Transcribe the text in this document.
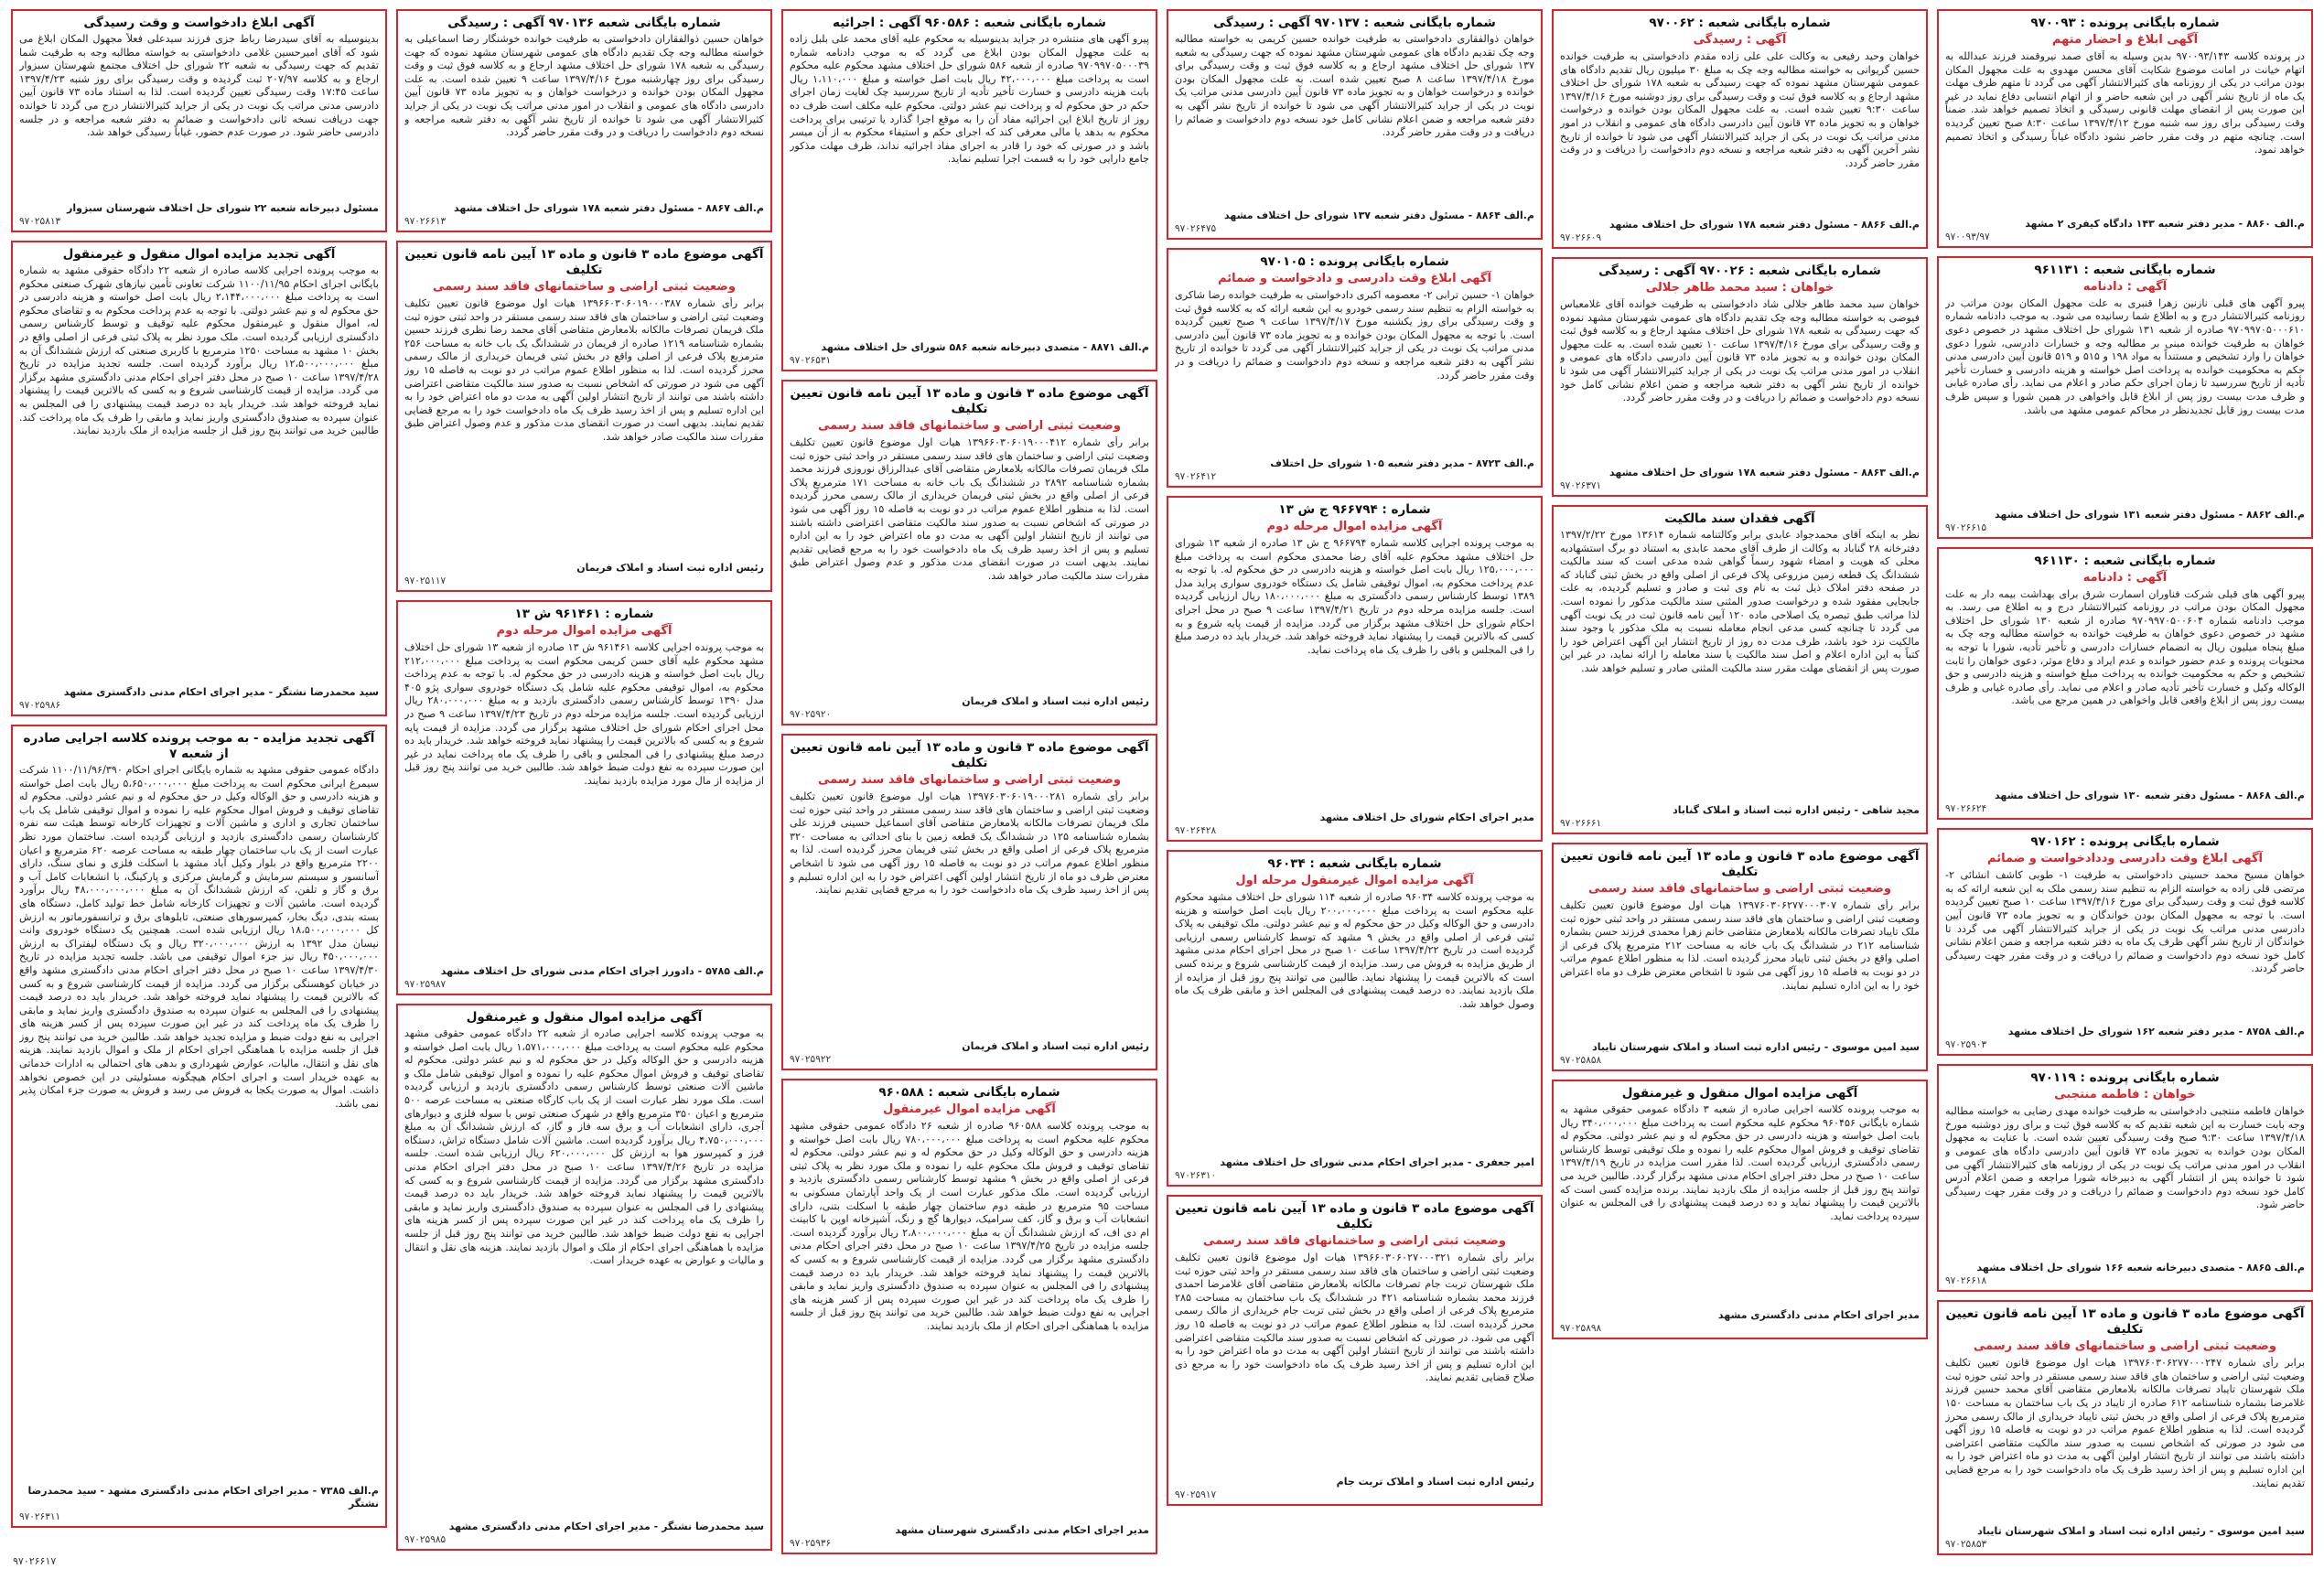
شماره بایگانی پرونده : ۹۷۰۰۹۳
آگهی ابلاغ و احضار متهم
در پرونده کلاسه ۹۷۰۰۹۳/۱۴۳ بدین وسیله به آقای صمد نیروقمند فرزند عبدالله به اتهام خیانت در امانت موضوع شکایت آقای محسن مهدوی به علت مجهول المکان بودن مراتب در یکی از روزنامه های کثیرالانتشار آگهی می گردد تا متهم ظرف مهلت یک ماه از تاریخ نشر آگهی در این شعبه حاضر و از اتهام انتسابی دفاع نماید در غیر این صورت پس از انقضای مهلت قانونی رسیدگی و اتخاذ تصمیم خواهد شد. ضمناً وقت رسیدگی برای روز سه شنبه مورخ ۱۳۹۷/۴/۱۲ ساعت ۸:۳۰ صبح تعیین گردیده است. چنانچه متهم در وقت مقرر حاضر نشود دادگاه غیاباً رسیدگی و اتخاذ تصمیم خواهد نمود.
م.الف ۸۸۶۰ - مدیر دفتر شعبه ۱۴۳ دادگاه کیفری ۲ مشهد
۹۷۰۰۹۳/۹۷
شماره بایگانی شعبه : ۹۶۱۱۳۱
آگهی : دادنامه
پیرو آگهی های قبلی نازنین زهرا قنبری به علت مجهول المکان بودن مراتب در روزنامه کثیرالانتشار درج و به اطلاع شما رسانیده می شود. به موجب دادنامه شماره ۹۷۰۹۹۷۰۵۰۰۰۶۱۰ صادره از شعبه ۱۳۱ شورای حل اختلاف مشهد در خصوص دعوی خواهان به طرفیت خوانده مبنی بر مطالبه وجه و خسارات دادرسی، شورا دعوی خواهان را وارد تشخیص و مستنداً به مواد ۱۹۸ و ۵۱۵ و ۵۱۹ قانون آیین دادرسی مدنی حکم به محکومیت خوانده به پرداخت اصل خواسته و هزینه دادرسی و خسارت تأخیر تأدیه از تاریخ سررسید تا زمان اجرای حکم صادر و اعلام می نماید. رأی صادره غیابی و ظرف مدت بیست روز پس از ابلاغ قابل واخواهی در همین شورا و سپس ظرف مدت بیست روز قابل تجدیدنظر در محاکم عمومی مشهد می باشد.
م.الف ۸۸۶۲ - مسئول دفتر شعبه ۱۳۱ شورای حل اختلاف مشهد
۹۷۰۲۶۶۱۵
شماره بایگانی شعبه : ۹۶۱۱۳۰
آگهی : دادنامه
پیرو آگهی های قبلی شرکت فناوران اسمارت شرق برای بهداشت بیمه دار به علت مجهول المکان بودن مراتب در روزنامه کثیرالانتشار درج و به اطلاع می رسد. به موجب دادنامه شماره ۹۷۰۹۹۷۰۵۰۰۶۰۴ صادره از شعبه ۱۳۰ شورای حل اختلاف مشهد در خصوص دعوی خواهان به طرفیت خوانده به خواسته مطالبه وجه چک به مبلغ پنجاه میلیون ریال به انضمام خسارات دادرسی و تأخیر تأدیه، شورا با توجه به محتویات پرونده و عدم حضور خوانده و عدم ایراد و دفاع موثر، دعوی خواهان را ثابت تشخیص و حکم به محکومیت خوانده به پرداخت مبلغ خواسته و هزینه دادرسی و حق الوکاله وکیل و خسارت تأخیر تأدیه صادر و اعلام می نماید. رأی صادره غیابی و ظرف بیست روز پس از ابلاغ واقعی قابل واخواهی در همین مرجع می باشد.
م.الف ۸۸۶۸ - مسئول دفتر شعبه ۱۳۰ شورای حل اختلاف مشهد
۹۷۰۲۶۶۲۴
شماره بایگانی پرونده : ۹۷۰۱۶۲
آگهی ابلاغ وقت دادرسی وددادخواست و ضمائم
خواهان مسیح محمد حسینی دادخواستی به طرفیت ۱- طوبی کاشف انشائی ۲- مرتضی قلی زاده به خواسته الزام به تنظیم سند رسمی ملک به این شعبه ارائه که به کلاسه فوق ثبت و وقت رسیدگی برای مورخ ۱۳۹۷/۴/۱۶ ساعت ۱۰ صبح تعیین گردیده است. با توجه به مجهول المکان بودن خواندگان و به تجویز ماده ۷۳ قانون آیین دادرسی مدنی مراتب یک نوبت در یکی از جراید کثیرالانتشار آگهی می گردد تا خواندگان از تاریخ نشر آگهی ظرف یک ماه به دفتر شعبه مراجعه و ضمن اعلام نشانی کامل خود نسخه دوم دادخواست و ضمائم را دریافت و در وقت مقرر جهت رسیدگی حاضر گردند.
م.الف ۸۷۵۸ - مدیر دفتر شعبه ۱۶۲ شورای حل اختلاف مشهد
۹۷۰۲۵۹۰۳
شماره بایگانی پرونده : ۹۷۰۱۱۹
خواهان : فاطمه منتجبی
خواهان فاطمه منتجبی دادخواستی به طرفیت خوانده مهدی رضایی به خواسته مطالبه وجه بابت خسارت به این شعبه تقدیم که به کلاسه فوق ثبت و برای روز دوشنبه مورخ ۱۳۹۷/۴/۱۸ ساعت ۹:۳۰ صبح وقت رسیدگی تعیین شده است. با عنایت به مجهول المکان بودن خوانده به تجویز ماده ۷۳ قانون آیین دادرسی دادگاه های عمومی و انقلاب در امور مدنی مراتب یک نوبت در یکی از روزنامه های کثیرالانتشار آگهی می شود تا خوانده پس از انتشار آگهی به دبیرخانه شورا مراجعه و ضمن اعلام آدرس کامل خود نسخه دوم دادخواست و ضمائم را دریافت و در وقت مقرر جهت رسیدگی حاضر شود.
م.الف ۸۸۶۵ - متصدی دبیرخانه شعبه ۱۶۶ شورای حل اختلاف مشهد
۹۷۰۲۶۶۱۸
آگهی موضوع ماده ۳ قانون و ماده ۱۳ آیین نامه قانون تعیین تکلیف
وضعیت ثبتی اراضی و ساختمانهای فاقد سند رسمی
برابر رأی شماره ۱۳۹۷۶۰۳۰۶۲۷۷۰۰۰۲۴۷ هیات اول موضوع قانون تعیین تکلیف وضعیت ثبتی اراضی و ساختمان های فاقد سند رسمی مستقر در واحد ثبتی حوزه ثبت ملک شهرستان تایباد تصرفات مالکانه بلامعارض متقاضی آقای محمد حسین فرزند غلامرضا بشماره شناسنامه ۶۱۲ صادره از تایباد در یک باب ساختمان به مساحت ۱۵۰ مترمربع پلاک فرعی از اصلی واقع در بخش ثبتی تایباد خریداری از مالک رسمی محرز گردیده است. لذا به منظور اطلاع عموم مراتب در دو نوبت به فاصله ۱۵ روز آگهی می شود در صورتی که اشخاص نسبت به صدور سند مالکیت متقاضی اعتراضی داشته باشند می توانند از تاریخ انتشار اولین آگهی به مدت دو ماه اعتراض خود را به این اداره تسلیم و پس از اخذ رسید ظرف یک ماه دادخواست خود را به مرجع قضایی تقدیم نمایند.
سید امین موسوی - رئیس اداره ثبت اسناد و املاک شهرستان تایباد
۹۷۰۲۵۸۵۳
شماره بایگانی شعبه : ۹۷۰۰۶۲
آگهی : رسیدگی
خواهان وحید رفیعی به وکالت علی علی زاده مقدم دادخواستی به طرفیت خوانده حسین گریوانی به خواسته مطالبه وجه چک به مبلغ ۳۰ میلیون ریال تقدیم دادگاه های عمومی شهرستان مشهد نموده که جهت رسیدگی به شعبه ۱۷۸ شورای حل اختلاف مشهد ارجاع و به کلاسه فوق ثبت و وقت رسیدگی برای روز دوشنبه مورخ ۱۳۹۷/۴/۱۶ ساعت ۹:۳۰ تعیین شده است. به علت مجهول المکان بودن خوانده و درخواست خواهان و به تجویز ماده ۷۳ قانون آیین دادرسی دادگاه های عمومی و انقلاب در امور مدنی مراتب یک نوبت در یکی از جراید کثیرالانتشار آگهی می شود تا خوانده از تاریخ نشر آخرین آگهی به دفتر شعبه مراجعه و نسخه دوم دادخواست را دریافت و در وقت مقرر حاضر گردد.
م.الف ۸۸۶۶ - مسئول دفتر شعبه ۱۷۸ شورای حل اختلاف مشهد
۹۷۰۲۶۶۰۹
شماره بایگانی شعبه : ۹۷۰۰۲۶ آگهی : رسیدگی
خواهان : سید محمد طاهر جلالی
خواهان سید محمد طاهر جلالی شاد دادخواستی به طرفیت خوانده آقای غلامعباس فیوضی به خواسته مطالبه وجه چک تقدیم دادگاه های عمومی شهرستان مشهد نموده که جهت رسیدگی به شعبه ۱۷۸ شورای حل اختلاف مشهد ارجاع و به کلاسه فوق ثبت و وقت رسیدگی برای مورخ ۱۳۹۷/۴/۱۶ ساعت ۱۰ تعیین شده است. به علت مجهول المکان بودن خوانده و به تجویز ماده ۷۳ قانون آیین دادرسی دادگاه های عمومی و انقلاب در امور مدنی مراتب یک نوبت در یکی از جراید کثیرالانتشار آگهی می شود تا خوانده از تاریخ نشر آگهی به دفتر شعبه مراجعه و ضمن اعلام نشانی کامل خود نسخه دوم دادخواست و ضمائم را دریافت و در وقت مقرر حاضر گردد.
م.الف ۸۸۶۳ - مسئول دفتر شعبه ۱۷۸ شورای حل اختلاف مشهد
۹۷۰۲۶۳۷۱
آگهی فقدان سند مالکیت
نظر به اینکه آقای محمدجواد عابدی برابر وکالتنامه شماره ۱۳۶۱۴ مورخ ۱۳۹۷/۲/۲۲ دفترخانه ۲۸ گناباد به وکالت از طرف آقای محمد عابدی به استناد دو برگ استشهادیه محلی که هویت و امضاء شهود رسماً گواهی شده مدعی است که سند مالکیت ششدانگ یک قطعه زمین مزروعی پلاک فرعی از اصلی واقع در بخش ثبتی گناباد که در صفحه دفتر املاک ذیل ثبت به نام وی ثبت و صادر و تسلیم گردیده، به علت جابجایی مفقود شده و درخواست صدور المثنی سند مالکیت مذکور را نموده است. لذا مراتب طبق تبصره یک اصلاحی ماده ۱۲۰ آیین نامه قانون ثبت در یک نوبت آگهی می گردد تا چنانچه کسی مدعی انجام معامله نسبت به ملک مذکور یا وجود سند مالکیت نزد خود باشد، ظرف مدت ده روز از تاریخ انتشار این آگهی اعتراض خود را کتباً به این اداره اعلام و اصل سند مالکیت یا سند معامله را ارائه نماید، در غیر این صورت پس از انقضای مهلت مقرر سند مالکیت المثنی صادر و تسلیم خواهد شد.
مجید شاهی - رئیس اداره ثبت اسناد و املاک گناباد
۹۷۰۲۶۶۶۱
آگهی موضوع ماده ۳ قانون و ماده ۱۳ آیین نامه قانون تعیین تکلیف
وضعیت ثبتی اراضی و ساختمانهای فاقد سند رسمی
برابر رأی شماره ۱۳۹۷۶۰۳۰۶۲۷۷۰۰۰۳۰۷ هیات اول موضوع قانون تعیین تکلیف وضعیت ثبتی اراضی و ساختمان های فاقد سند رسمی مستقر در واحد ثبتی حوزه ثبت ملک تایباد تصرفات مالکانه بلامعارض متقاضی خانم زهرا محمدی فرزند حسن بشماره شناسنامه ۲۱۲ در ششدانگ یک باب خانه به مساحت ۲۱۲ مترمربع پلاک فرعی از اصلی واقع در بخش ثبتی تایباد محرز گردیده است. لذا به منظور اطلاع عموم مراتب در دو نوبت به فاصله ۱۵ روز آگهی می شود تا اشخاص معترض ظرف دو ماه اعتراض خود را به این اداره تسلیم نمایند.
سید امین موسوی - رئیس اداره ثبت اسناد و املاک شهرستان تایباد
۹۷۰۲۵۸۵۸
آگهی مزایده اموال منقول و غیرمنقول
به موجب پرونده کلاسه اجرایی صادره از شعبه ۳ دادگاه عمومی حقوقی مشهد به شماره بایگانی ۹۶۰۴۵۶ محکوم علیه محکوم است به پرداخت مبلغ ۳۴۰،۰۰۰،۰۰۰ ریال بابت اصل خواسته و هزینه دادرسی در حق محکوم له و نیم عشر دولتی. محکوم له تقاضای توقیف و فروش اموال محکوم علیه را نموده و ملک توقیفی توسط کارشناس رسمی دادگستری ارزیابی گردیده است. لذا مقرر است مزایده در تاریخ ۱۳۹۷/۴/۱۹ ساعت ۱۰ صبح در محل دفتر اجرای احکام مدنی مشهد برگزار گردد. طالبین خرید می توانند پنج روز قبل از جلسه مزایده از ملک بازدید نمایند. برنده مزایده کسی است که بالاترین قیمت را پیشنهاد نماید و ده درصد قیمت پیشنهادی را فی المجلس به عنوان سپرده پرداخت نماید.
مدیر اجرای احکام مدنی دادگستری مشهد
۹۷۰۲۵۸۹۸
شماره بایگانی شعبه : ۹۷۰۱۳۷ آگهی : رسیدگی
خواهان ذوالفقاری دادخواستی به طرفیت خوانده حسین کریمی به خواسته مطالبه وجه چک تقدیم دادگاه های عمومی شهرستان مشهد نموده که جهت رسیدگی به شعبه ۱۳۷ شورای حل اختلاف مشهد ارجاع و به کلاسه فوق ثبت و وقت رسیدگی برای مورخ ۱۳۹۷/۴/۱۸ ساعت ۸ صبح تعیین شده است. به علت مجهول المکان بودن خوانده و درخواست خواهان و به تجویز ماده ۷۳ قانون آیین دادرسی مدنی مراتب یک نوبت در یکی از جراید کثیرالانتشار آگهی می شود تا خوانده از تاریخ نشر آگهی به دفتر شعبه مراجعه و ضمن اعلام نشانی کامل خود نسخه دوم دادخواست و ضمائم را دریافت و در وقت مقرر حاضر گردد.
م.الف ۸۸۶۴ - مسئول دفتر شعبه ۱۳۷ شورای حل اختلاف مشهد
۹۷۰۲۶۴۷۵
شماره بایگانی پرونده : ۹۷۰۱۰۵
آگهی ابلاغ وقت دادرسی و دادخواست و ضمائم
خواهان ۱- حسین ترابی ۲- معصومه اکبری دادخواستی به طرفیت خوانده رضا شاکری به خواسته الزام به تنظیم سند رسمی خودرو به این شعبه ارائه که به کلاسه فوق ثبت و وقت رسیدگی برای روز یکشنبه مورخ ۱۳۹۷/۴/۱۷ ساعت ۹ صبح تعیین گردیده است. با توجه به مجهول المکان بودن خوانده و به تجویز ماده ۷۳ قانون آیین دادرسی مدنی مراتب یک نوبت در یکی از جراید کثیرالانتشار آگهی می گردد تا خوانده از تاریخ نشر آگهی به دفتر شعبه مراجعه و نسخه دوم دادخواست و ضمائم را دریافت و در وقت مقرر حاضر گردد.
م.الف ۸۷۲۳ - مدیر دفتر شعبه ۱۰۵ شورای حل اختلاف
۹۷۰۲۶۴۱۲
شماره : ۹۶۶۷۹۴ ج ش ۱۳
آگهی مزایده اموال مرحله دوم
به موجب پرونده اجرایی کلاسه شماره ۹۶۶۷۹۴ ج ش ۱۳ صادره از شعبه ۱۳ شورای حل اختلاف مشهد محکوم علیه آقای رضا محمدی محکوم است به پرداخت مبلغ ۱۲۵،۰۰۰،۰۰۰ ریال بابت اصل خواسته و هزینه دادرسی در حق محکوم له. با توجه به عدم پرداخت محکوم به، اموال توقیفی شامل یک دستگاه خودروی سواری پراید مدل ۱۳۸۹ توسط کارشناس رسمی دادگستری به مبلغ ۱۸۰،۰۰۰،۰۰۰ ریال ارزیابی گردیده است. جلسه مزایده مرحله دوم در تاریخ ۱۳۹۷/۴/۲۱ ساعت ۹ صبح در محل اجرای احکام شورای حل اختلاف مشهد برگزار می گردد. مزایده از قیمت پایه شروع و به کسی که بالاترین قیمت را پیشنهاد نماید فروخته خواهد شد. خریدار باید ده درصد مبلغ را فی المجلس و باقی را ظرف یک ماه پرداخت نماید.
مدیر اجرای احکام شورای حل اختلاف مشهد
۹۷۰۲۶۴۲۸
شماره بایگانی شعبه : ۹۶۰۳۴
آگهی مزایده اموال غیرمنقول مرحله اول
به موجب پرونده کلاسه ۹۶۰۳۴ صادره از شعبه ۱۱۴ شورای حل اختلاف مشهد محکوم علیه محکوم است به پرداخت مبلغ ۲۰۰،۰۰۰،۰۰۰ ریال بابت اصل خواسته و هزینه دادرسی و حق الوکاله وکیل در حق محکوم له و نیم عشر دولتی. ملک توقیفی به پلاک ثبتی فرعی از اصلی واقع در بخش ۹ مشهد که توسط کارشناس رسمی ارزیابی گردیده است در تاریخ ۱۳۹۷/۴/۲۲ ساعت ۱۰ صبح در محل اجرای احکام مدنی مشهد از طریق مزایده به فروش می رسد. مزایده از قیمت کارشناسی شروع و برنده کسی است که بالاترین قیمت را پیشنهاد نماید. طالبین می توانند پنج روز قبل از مزایده از ملک بازدید نمایند. ده درصد قیمت پیشنهادی فی المجلس اخذ و مابقی ظرف یک ماه وصول خواهد شد.
امیر جعفری - مدیر اجرای احکام مدنی شورای حل اختلاف مشهد
۹۷۰۲۶۳۱۰
آگهی موضوع ماده ۳ قانون و ماده ۱۳ آیین نامه قانون تعیین تکلیف
وضعیت ثبتی اراضی و ساختمانهای فاقد سند رسمی
برابر رأی شماره ۱۳۹۶۶۰۳۰۶۰۲۷۰۰۰۳۲۱ هیات اول موضوع قانون تعیین تکلیف وضعیت ثبتی اراضی و ساختمان های فاقد سند رسمی مستقر در واحد ثبتی حوزه ثبت ملک شهرستان تربت جام تصرفات مالکانه بلامعارض متقاضی آقای غلامرضا احمدی فرزند محمد بشماره شناسنامه ۴۲۱ در ششدانگ یک باب ساختمان به مساحت ۲۸۵ مترمربع پلاک فرعی از اصلی واقع در بخش ثبتی تربت جام خریداری از مالک رسمی محرز گردیده است. لذا به منظور اطلاع عموم مراتب در دو نوبت به فاصله ۱۵ روز آگهی می شود. در صورتی که اشخاص نسبت به صدور سند مالکیت متقاضی اعتراضی داشته باشند می توانند از تاریخ انتشار اولین آگهی به مدت دو ماه اعتراض خود را به این اداره تسلیم و پس از اخذ رسید ظرف یک ماه دادخواست خود را به مرجع ذی صلاح قضایی تقدیم نمایند.
رئیس اداره ثبت اسناد و املاک تربت جام
۹۷۰۲۵۹۱۷
شماره بایگانی شعبه : ۹۶۰۵۸۶ آگهی : اجرائیه
پیرو آگهی های منتشره در جراید بدینوسیله به محکوم علیه آقای محمد علی بلبل زاده به علت مجهول المکان بودن ابلاغ می گردد که به موجب دادنامه شماره ۹۷۰۹۹۷۰۵۰۰۰۳۹ صادره از شعبه ۵۸۶ شورای حل اختلاف مشهد محکوم علیه محکوم است به پرداخت مبلغ ۴۲،۰۰۰،۰۰۰ ریال بابت اصل خواسته و مبلغ ۱،۱۱۰،۰۰۰ ریال بابت هزینه دادرسی و خسارت تأخیر تأدیه از تاریخ سررسید چک لغایت زمان اجرای حکم در حق محکوم له و پرداخت نیم عشر دولتی. محکوم علیه مکلف است ظرف ده روز از تاریخ ابلاغ این اجرائیه مفاد آن را به موقع اجرا گذارد یا ترتیبی برای پرداخت محکوم به بدهد یا مالی معرفی کند که اجرای حکم و استیفاء محکوم به از آن میسر باشد و در صورتی که خود را قادر به اجرای مفاد اجرائیه نداند، ظرف مهلت مذکور جامع دارایی خود را به قسمت اجرا تسلیم نماید.
م.الف ۸۸۷۱ - متصدی دبیرخانه شعبه ۵۸۶ شورای حل اختلاف مشهد
۹۷۰۲۶۵۳۱
آگهی موضوع ماده ۳ قانون و ماده ۱۳ آیین نامه قانون تعیین تکلیف
وضعیت ثبتی اراضی و ساختمانهای فاقد سند رسمی
برابر رأی شماره ۱۳۹۶۶۰۳۰۶۰۱۹۰۰۰۴۱۲ هیات اول موضوع قانون تعیین تکلیف وضعیت ثبتی اراضی و ساختمان های فاقد سند رسمی مستقر در واحد ثبتی حوزه ثبت ملک فریمان تصرفات مالکانه بلامعارض متقاضی آقای عبدالرزاق نوروزی فرزند محمد بشماره شناسنامه ۲۸۹۲ در ششدانگ یک باب خانه به مساحت ۱۷۱ مترمربع پلاک فرعی از اصلی واقع در بخش ثبتی فریمان خریداری از مالک رسمی محرز گردیده است. لذا به منظور اطلاع عموم مراتب در دو نوبت به فاصله ۱۵ روز آگهی می شود در صورتی که اشخاص نسبت به صدور سند مالکیت متقاضی اعتراضی داشته باشند می توانند از تاریخ انتشار اولین آگهی به مدت دو ماه اعتراض خود را به این اداره تسلیم و پس از اخذ رسید ظرف یک ماه دادخواست خود را به مرجع قضایی تقدیم نمایند. بدیهی است در صورت انقضای مدت مذکور و عدم وصول اعتراض طبق مقررات سند مالکیت صادر خواهد شد.
رئیس اداره ثبت اسناد و املاک فریمان
۹۷۰۲۵۹۲۰
آگهی موضوع ماده ۳ قانون و ماده ۱۳ آیین نامه قانون تعیین تکلیف
وضعیت ثبتی اراضی و ساختمانهای فاقد سند رسمی
برابر رأی شماره ۱۳۹۷۶۰۳۰۶۰۱۹۰۰۰۲۸۱ هیات اول موضوع قانون تعیین تکلیف وضعیت ثبتی اراضی و ساختمان های فاقد سند رسمی مستقر در واحد ثبتی حوزه ثبت ملک فریمان تصرفات مالکانه بلامعارض متقاضی آقای اسماعیل حسینی فرزند علی بشماره شناسنامه ۱۲۵ در ششدانگ یک قطعه زمین با بنای احداثی به مساحت ۳۲۰ مترمربع پلاک فرعی از اصلی واقع در بخش ثبتی فریمان محرز گردیده است. لذا به منظور اطلاع عموم مراتب در دو نوبت به فاصله ۱۵ روز آگهی می شود تا اشخاص معترض ظرف دو ماه از تاریخ انتشار اولین آگهی اعتراض خود را به این اداره تسلیم و پس از اخذ رسید ظرف یک ماه دادخواست خود را به مرجع قضایی تقدیم نمایند.
رئیس اداره ثبت اسناد و املاک فریمان
۹۷۰۲۵۹۲۲
شماره بایگانی شعبه : ۹۶۰۵۸۸
آگهی مزایده اموال غیرمنقول
به موجب پرونده کلاسه ۹۶۰۵۸۸ صادره از شعبه ۲۶ دادگاه عمومی حقوقی مشهد محکوم علیه محکوم است به پرداخت مبلغ ۷۸۰،۰۰۰،۰۰۰ ریال بابت اصل خواسته و هزینه دادرسی و حق الوکاله وکیل در حق محکوم له و نیم عشر دولتی. محکوم له تقاضای توقیف و فروش ملک محکوم علیه را نموده و ملک مورد نظر به پلاک ثبتی فرعی از اصلی واقع در بخش ۹ مشهد توسط کارشناس رسمی دادگستری بازدید و ارزیابی گردیده است. ملک مذکور عبارت است از یک واحد آپارتمان مسکونی به مساحت ۹۵ مترمربع در طبقه دوم ساختمان چهار طبقه با اسکلت بتنی، دارای انشعابات آب و برق و گاز، کف سرامیک، دیوارها گچ و رنگ، آشپزخانه اوپن با کابینت ام دی اف، که ارزش ششدانگ آن به مبلغ ۲،۸۰۰،۰۰۰،۰۰۰ ریال برآورد گردیده است. جلسه مزایده در تاریخ ۱۳۹۷/۴/۲۵ ساعت ۱۰ صبح در محل دفتر اجرای احکام مدنی دادگستری مشهد برگزار می گردد. مزایده از قیمت کارشناسی شروع و به کسی که بالاترین قیمت را پیشنهاد نماید فروخته خواهد شد. خریدار باید ده درصد قیمت پیشنهادی را فی المجلس به عنوان سپرده به صندوق دادگستری واریز نماید و مابقی را ظرف یک ماه پرداخت کند در غیر این صورت سپرده پس از کسر هزینه های اجرایی به نفع دولت ضبط خواهد شد. طالبین خرید می توانند پنج روز قبل از جلسه مزایده با هماهنگی اجرای احکام از ملک بازدید نمایند.
مدیر اجرای احکام مدنی دادگستری شهرستان مشهد
۹۷۰۲۵۹۳۶
شماره بایگانی شعبه ۹۷۰۱۳۶ آگهی : رسیدگی
خواهان حسین ذوالفقاران دادخواستی به طرفیت خوانده خوشنگار رضا اسماعیلی به خواسته مطالبه وجه چک تقدیم دادگاه های عمومی شهرستان مشهد نموده که جهت رسیدگی به شعبه ۱۷۸ شورای حل اختلاف مشهد ارجاع و به کلاسه فوق ثبت و وقت رسیدگی برای روز چهارشنبه مورخ ۱۳۹۷/۴/۱۶ ساعت ۹ تعیین شده است. به علت مجهول المکان بودن خوانده و درخواست خواهان و به تجویز ماده ۷۳ قانون آیین دادرسی دادگاه های عمومی و انقلاب در امور مدنی مراتب یک نوبت در یکی از جراید کثیرالانتشار آگهی می شود تا خوانده از تاریخ نشر آگهی به دفتر شعبه مراجعه و نسخه دوم دادخواست را دریافت و در وقت مقرر حاضر گردد.
م.الف ۸۸۶۷ - مسئول دفتر شعبه ۱۷۸ شورای حل اختلاف مشهد
۹۷۰۲۶۶۱۳
آگهی موضوع ماده ۳ قانون و ماده ۱۳ آیین نامه قانون تعیین تکلیف
وضعیت ثبتی اراضی و ساختمانهای فاقد سند رسمی
برابر رأی شماره ۱۳۹۶۶۰۳۰۶۰۱۹۰۰۰۳۸۷ هیات اول موضوع قانون تعیین تکلیف وضعیت ثبتی اراضی و ساختمان های فاقد سند رسمی مستقر در واحد ثبتی حوزه ثبت ملک فریمان تصرفات مالکانه بلامعارض متقاضی آقای محمد رضا نظری فرزند حسین بشماره شناسنامه ۱۲۱۹ صادره از فریمان در ششدانگ یک باب خانه به مساحت ۲۵۶ مترمربع پلاک فرعی از اصلی واقع در بخش ثبتی فریمان خریداری از مالک رسمی محرز گردیده است. لذا به منظور اطلاع عموم مراتب در دو نوبت به فاصله ۱۵ روز آگهی می شود در صورتی که اشخاص نسبت به صدور سند مالکیت متقاضی اعتراضی داشته باشند می توانند از تاریخ انتشار اولین آگهی به مدت دو ماه اعتراض خود را به این اداره تسلیم و پس از اخذ رسید ظرف یک ماه دادخواست خود را به مرجع قضایی تقدیم نمایند. بدیهی است در صورت انقضای مدت مذکور و عدم وصول اعتراض طبق مقررات سند مالکیت صادر خواهد شد.
رئیس اداره ثبت اسناد و املاک فریمان
۹۷۰۲۵۱۱۷
شماره : ۹۶۱۴۶۱ ش ۱۳
آگهی مزایده اموال مرحله دوم
به موجب پرونده اجرایی کلاسه ۹۶۱۴۶۱ ش ۱۳ صادره از شعبه ۱۳ شورای حل اختلاف مشهد محکوم علیه آقای حسن کریمی محکوم است به پرداخت مبلغ ۲۱۲،۰۰۰،۰۰۰ ریال بابت اصل خواسته و هزینه دادرسی در حق محکوم له. با توجه به عدم پرداخت محکوم به، اموال توقیفی محکوم علیه شامل یک دستگاه خودروی سواری پژو ۴۰۵ مدل ۱۳۹۰ توسط کارشناس رسمی دادگستری بازدید و به مبلغ ۲۸۰،۰۰۰،۰۰۰ ریال ارزیابی گردیده است. جلسه مزایده مرحله دوم در تاریخ ۱۳۹۷/۴/۲۳ ساعت ۹ صبح در محل اجرای احکام شورای حل اختلاف مشهد برگزار می گردد. مزایده از قیمت پایه شروع و به کسی که بالاترین قیمت را پیشنهاد نماید فروخته خواهد شد. خریدار باید ده درصد مبلغ پیشنهادی را فی المجلس و باقی را ظرف یک ماه پرداخت نماید در غیر این صورت سپرده به نفع دولت ضبط خواهد شد. طالبین خرید می توانند پنج روز قبل از مزایده از مال مورد مزایده بازدید نمایند.
م.الف ۵۷۸۵ - دادورز اجرای احکام مدنی شورای حل اختلاف مشهد
۹۷۰۲۵۹۸۷
آگهی مزایده اموال منقول و غیرمنقول
به موجب پرونده کلاسه اجرایی صادره از شعبه ۲۲ دادگاه عمومی حقوقی مشهد محکوم علیه محکوم است به پرداخت مبلغ ۱،۵۷۱،۰۰۰،۰۰۰ ریال بابت اصل خواسته و هزینه دادرسی و حق الوکاله وکیل در حق محکوم له و نیم عشر دولتی. محکوم له تقاضای توقیف و فروش اموال محکوم علیه را نموده و اموال توقیفی شامل ملک و ماشین آلات صنعتی توسط کارشناس رسمی دادگستری بازدید و ارزیابی گردیده است. ملک مورد نظر عبارت است از یک باب کارگاه صنعتی به مساحت عرصه ۵۰۰ مترمربع و اعیان ۳۵۰ مترمربع واقع در شهرک صنعتی توس با سوله فلزی و دیوارهای آجری، دارای انشعابات آب و برق سه فاز و گاز، که ارزش ششدانگ آن به مبلغ ۴،۷۵۰،۰۰۰،۰۰۰ ریال برآورد گردیده است. ماشین آلات شامل دستگاه تراش، دستگاه فرز و کمپرسور هوا به ارزش کل ۶۲۰،۰۰۰،۰۰۰ ریال ارزیابی شده است. جلسه مزایده در تاریخ ۱۳۹۷/۴/۲۶ ساعت ۱۰ صبح در محل دفتر اجرای احکام مدنی دادگستری مشهد برگزار می گردد. مزایده از قیمت کارشناسی شروع و به کسی که بالاترین قیمت را پیشنهاد نماید فروخته خواهد شد. خریدار باید ده درصد قیمت پیشنهادی را فی المجلس به عنوان سپرده به صندوق دادگستری واریز نماید و مابقی را ظرف یک ماه پرداخت کند در غیر این صورت سپرده پس از کسر هزینه های اجرایی به نفع دولت ضبط خواهد شد. طالبین خرید می توانند پنج روز قبل از جلسه مزایده با هماهنگی اجرای احکام از ملک و اموال بازدید نمایند. هزینه های نقل و انتقال و مالیات و عوارض به عهده خریدار است.
سید محمدرضا نشتگر - مدیر اجرای احکام مدنی دادگستری مشهد
۹۷۰۲۵۹۸۵
آگهی ابلاغ دادخواست و وقت رسیدگی
بدینوسیله به آقای سیدرضا رباط جزی فرزند سیدعلی فعلاً مجهول المکان ابلاغ می شود که آقای امیرحسین غلامی دادخواستی به خواسته مطالبه وجه به طرفیت شما تقدیم که جهت رسیدگی به شعبه ۲۲ شورای حل اختلاف مجتمع شهرستان سبزوار ارجاع و به کلاسه ۲۰۷/۹۷ ثبت گردیده و وقت رسیدگی برای روز شنبه ۱۳۹۷/۴/۲۳ ساعت ۱۷:۴۵ وقت رسیدگی تعیین گردیده است. لذا به استناد ماده ۷۳ قانون آیین دادرسی مدنی مراتب یک نوبت در یکی از جراید کثیرالانتشار درج می گردد تا خوانده جهت دریافت نسخه ثانی دادخواست و ضمائم به دفتر شعبه مراجعه و در جلسه دادرسی حاضر شود. در صورت عدم حضور، غیاباً رسیدگی خواهد شد.
مسئول دبیرخانه شعبه ۲۲ شورای حل اختلاف شهرستان سبزوار
۹۷۰۲۵۸۱۳
آگهی تجدید مزایده اموال منقول و غیرمنقول
به موجب پرونده اجرایی کلاسه صادره از شعبه ۲۲ دادگاه حقوقی مشهد به شماره بایگانی اجرای احکام ۱۱۰۰/۱۱/۹۵ شرکت تعاونی تأمین نیازهای شهرک صنعتی محکوم است به پرداخت مبلغ ۲،۱۴۴،۰۰۰،۰۰۰ ریال بابت اصل خواسته و هزینه دادرسی در حق محکوم له و نیم عشر دولتی. با توجه به عدم پرداخت محکوم به و تقاضای محکوم له، اموال منقول و غیرمنقول محکوم علیه توقیف و توسط کارشناس رسمی دادگستری ارزیابی گردیده است. ملک مورد نظر به پلاک ثبتی فرعی از اصلی واقع در بخش ۱۰ مشهد به مساحت ۱۲۵۰ مترمربع با کاربری صنعتی که ارزش ششدانگ آن به مبلغ ۱۲،۵۰۰،۰۰۰،۰۰۰ ریال برآورد گردیده است. جلسه تجدید مزایده در تاریخ ۱۳۹۷/۴/۲۸ ساعت ۱۰ صبح در محل دفتر اجرای احکام مدنی دادگستری مشهد برگزار می گردد. مزایده از قیمت کارشناسی شروع و به کسی که بالاترین قیمت را پیشنهاد نماید فروخته خواهد شد. خریدار باید ده درصد قیمت پیشنهادی را فی المجلس به عنوان سپرده به صندوق دادگستری واریز نماید و مابقی را ظرف یک ماه پرداخت کند. طالبین خرید می توانند پنج روز قبل از جلسه مزایده از ملک بازدید نمایند.
سید محمدرضا نشتگر - مدیر اجرای احکام مدنی دادگستری مشهد
۹۷۰۲۵۹۸۶
آگهی تجدید مزایده - به موجب پرونده کلاسه اجرایی صادره از شعبه ۷
دادگاه عمومی حقوقی مشهد به شماره بایگانی اجرای احکام ۱۱۰۰/۱۱/۹۶/۳۹۰ شرکت سیمرغ ایرانی محکوم است به پرداخت مبلغ ۵،۶۵۰،۰۰۰،۰۰۰ ریال بابت اصل خواسته و هزینه دادرسی و حق الوکاله وکیل در حق محکوم له و نیم عشر دولتی. محکوم له تقاضای توقیف و فروش اموال محکوم علیه را نموده و اموال توقیفی شامل یک باب ساختمان تجاری و اداری و ماشین آلات و تجهیزات کارخانه توسط هیئت سه نفره کارشناسان رسمی دادگستری بازدید و ارزیابی گردیده است. ساختمان مورد نظر عبارت است از یک باب ساختمان چهار طبقه به مساحت عرصه ۶۲۰ مترمربع و اعیان ۲۲۰۰ مترمربع واقع در بلوار وکیل آباد مشهد با اسکلت فلزی و نمای سنگ، دارای آسانسور و سیستم سرمایش و گرمایش مرکزی و پارکینگ، با انشعابات کامل آب و برق و گاز و تلفن، که ارزش ششدانگ آن به مبلغ ۴۸،۰۰۰،۰۰۰،۰۰۰ ریال برآورد گردیده است. ماشین آلات و تجهیزات کارخانه شامل خط تولید کامل، دستگاه های بسته بندی، دیگ بخار، کمپرسورهای صنعتی، تابلوهای برق و ترانسفورماتور به ارزش کل ۱۸،۵۰۰،۰۰۰،۰۰۰ ریال ارزیابی شده است. همچنین یک دستگاه خودروی وانت نیسان مدل ۱۳۹۲ به ارزش ۳۲۰،۰۰۰،۰۰۰ ریال و یک دستگاه لیفتراک به ارزش ۴۵۰،۰۰۰،۰۰۰ ریال نیز جزء اموال توقیفی می باشد. جلسه تجدید مزایده در تاریخ ۱۳۹۷/۴/۳۰ ساعت ۱۰ صبح در محل دفتر اجرای احکام مدنی دادگستری مشهد واقع در خیابان کوهسنگی برگزار می گردد. مزایده از قیمت کارشناسی شروع و به کسی که بالاترین قیمت را پیشنهاد نماید فروخته خواهد شد. خریدار باید ده درصد قیمت پیشنهادی را فی المجلس به عنوان سپرده به صندوق دادگستری واریز نماید و مابقی را ظرف یک ماه پرداخت کند در غیر این صورت سپرده پس از کسر هزینه های اجرایی به نفع دولت ضبط و مزایده تجدید خواهد شد. طالبین خرید می توانند پنج روز قبل از جلسه مزایده با هماهنگی اجرای احکام از ملک و اموال بازدید نمایند. هزینه های نقل و انتقال، مالیات، عوارض شهرداری و بدهی های احتمالی به ادارات خدماتی به عهده خریدار است و اجرای احکام هیچگونه مسئولیتی در این خصوص نخواهد داشت. اموال به صورت یکجا به فروش می رسد و فروش به صورت جزء امکان پذیر نمی باشد.
م.الف ۷۳۸۵ - مدیر اجرای احکام مدنی دادگستری مشهد - سید محمدرضا نشتگر
۹۷۰۲۶۳۱۱
۹۷۰۲۶۶۱۷
